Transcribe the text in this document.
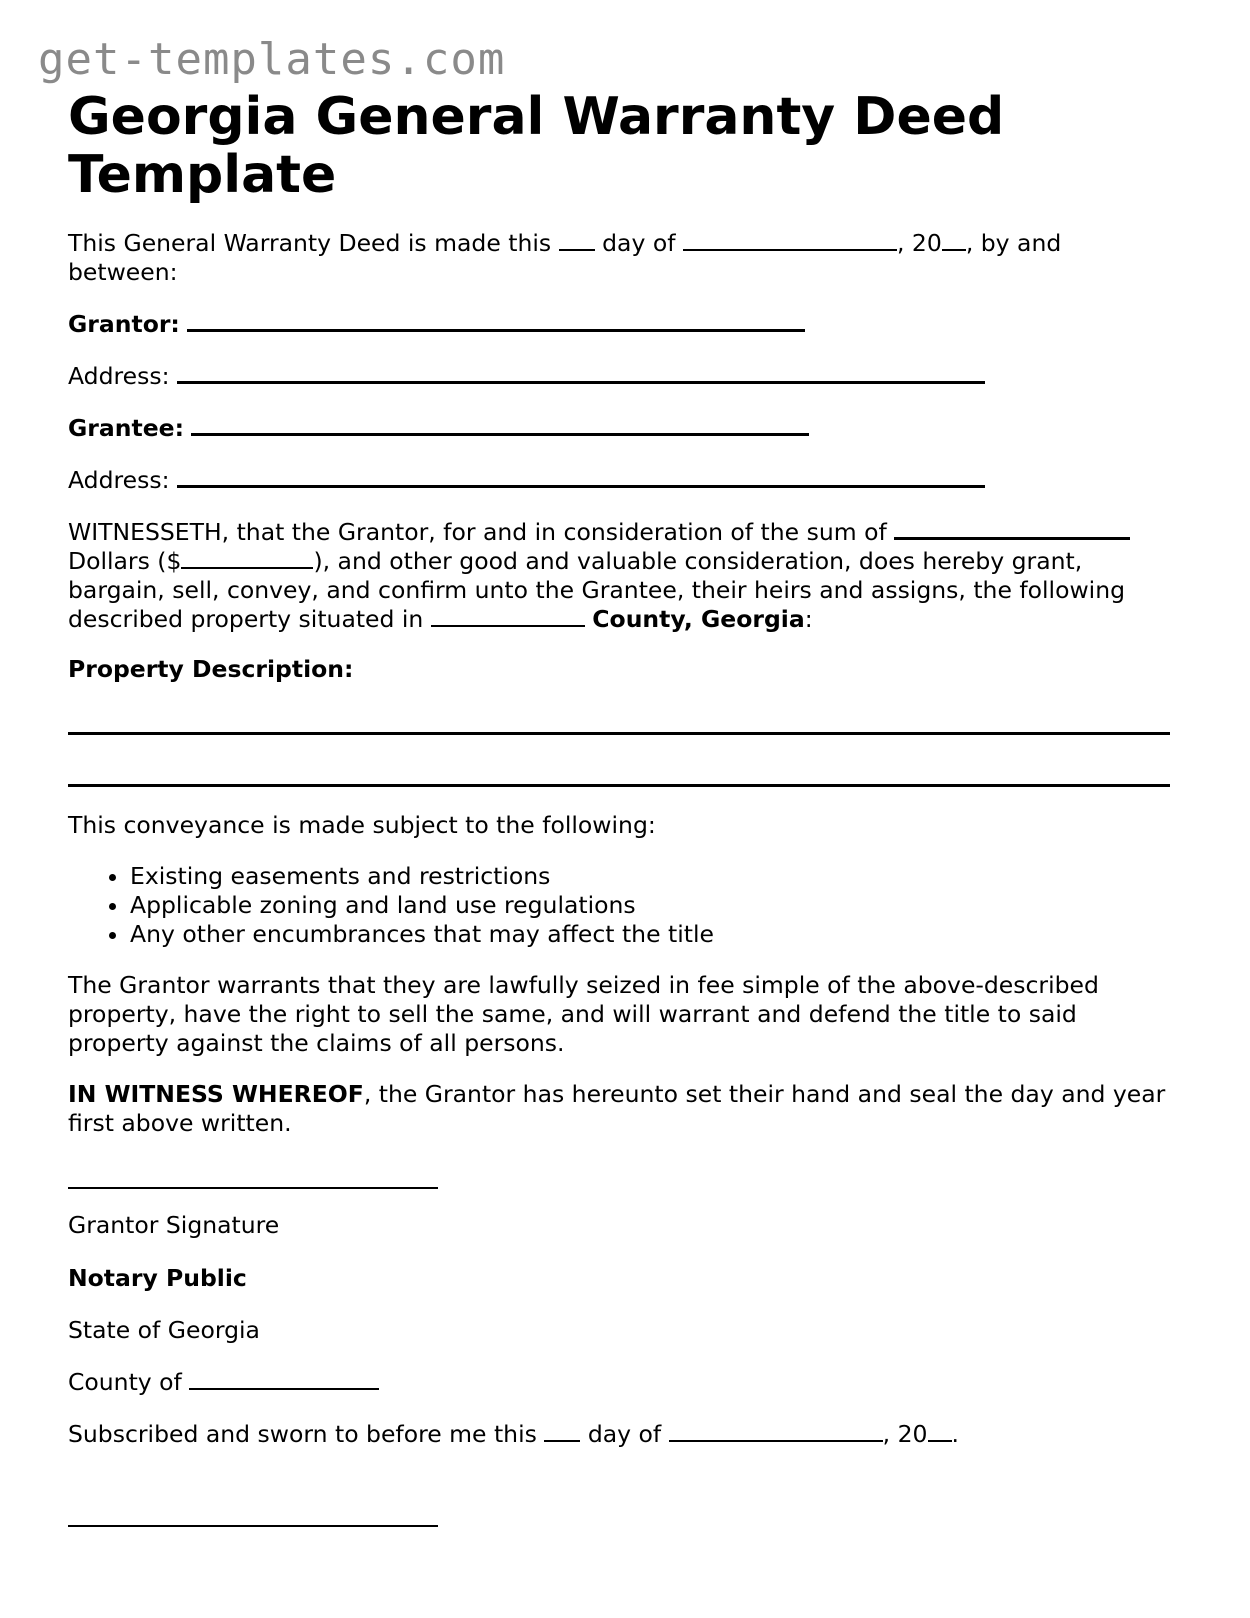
get-templates.com
Georgia General Warranty Deed Template

This General Warranty Deed is made this day of	, 20 , by and between:

Grantor:

Address:

Grantee:

Address:

WITNESSETH, that the Grantor, for and in consideration of the sum of  Dollars ($	), and other good and valuable consideration, does hereby grant, bargain, sell, convey, and confirm unto the Grantee, their heirs and assigns, the following described property situated in	County, Georgia:

Property Description:

This conveyance is made subject to the following:

• Existing easements and restrictions
• Applicable zoning and land use regulations
• Any other encumbrances that may affect the title

The Grantor warrants that they are lawfully seized in fee simple of the above-described property, have the right to sell the same, and will warrant and defend the title to said property against the claims of all persons.

IN WITNESS WHEREOF, the Grantor has hereunto set their hand and seal the day and year first above written.

Grantor Signature

Notary Public

State of Georgia

County of

Subscribed and sworn to before me this day of	, 20 .
